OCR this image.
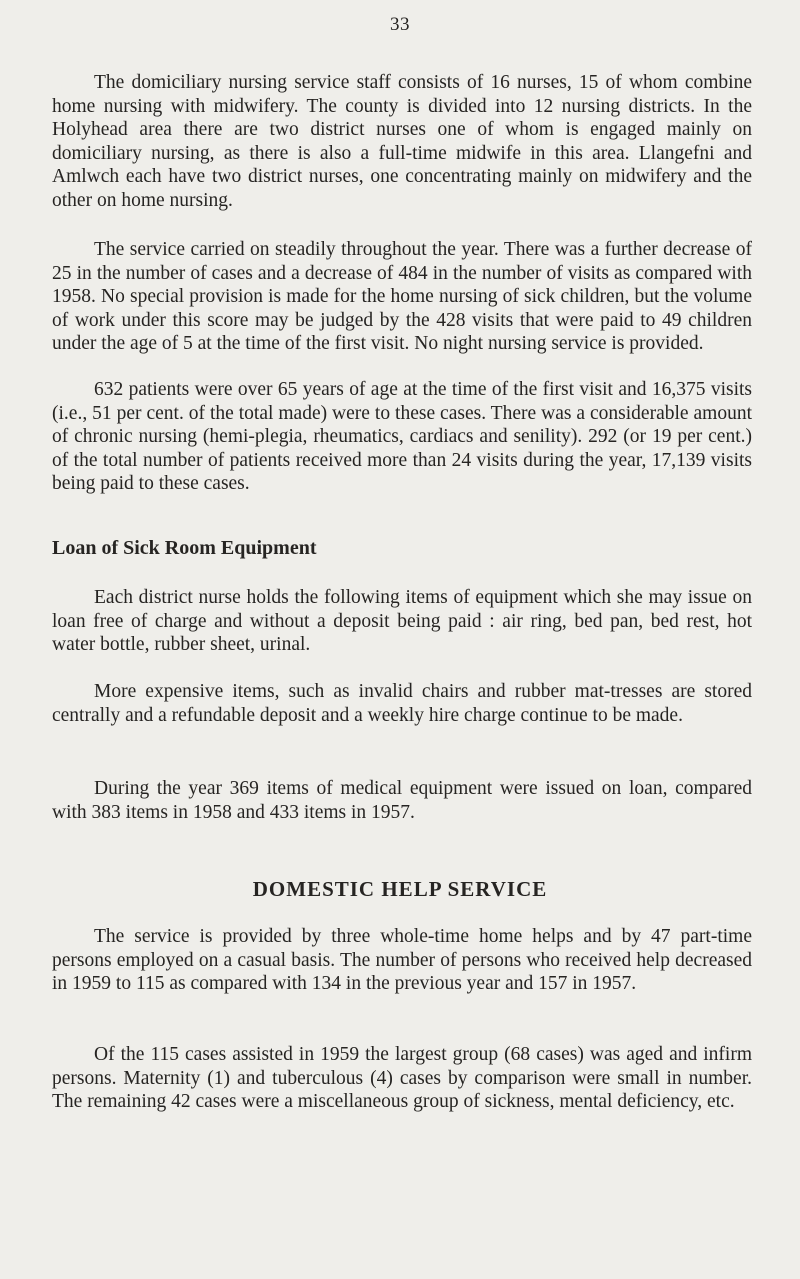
33

The domiciliary nursing service staff consists of 16 nurses, 15 of whom combine home nursing with midwifery. The county is divided into 12 nursing districts. In the Holyhead area there are two district nurses one of whom is engaged mainly on domiciliary nursing, as there is also a full-time midwife in this area. Llangefni and Amlwch each have two district nurses, one concentrating mainly on midwifery and the other on home nursing.

The service carried on steadily throughout the year. There was a further decrease of 25 in the number of cases and a decrease of 484 in the number of visits as compared with 1958. No special provision is made for the home nursing of sick children, but the volume of work under this score may be judged by the 428 visits that were paid to 49 children under the age of 5 at the time of the first visit. No night nursing service is provided.

632 patients were over 65 years of age at the time of the first visit and 16,375 visits (i.e., 51 per cent. of the total made) were to these cases. There was a considerable amount of chronic nursing (hemi-plegia, rheumatics, cardiacs and senility). 292 (or 19 per cent.) of the total number of patients received more than 24 visits during the year, 17,139 visits being paid to these cases.

Loan of Sick Room Equipment

Each district nurse holds the following items of equipment which she may issue on loan free of charge and without a deposit being paid : air ring, bed pan, bed rest, hot water bottle, rubber sheet, urinal.

More expensive items, such as invalid chairs and rubber mat-tresses are stored centrally and a refundable deposit and a weekly hire charge continue to be made.

During the year 369 items of medical equipment were issued on loan, compared with 383 items in 1958 and 433 items in 1957.

DOMESTIC HELP SERVICE

The service is provided by three whole-time home helps and by 47 part-time persons employed on a casual basis. The number of persons who received help decreased in 1959 to 115 as compared with 134 in the previous year and 157 in 1957.

Of the 115 cases assisted in 1959 the largest group (68 cases) was aged and infirm persons. Maternity (1) and tuberculous (4) cases by comparison were small in number. The remaining 42 cases were a miscellaneous group of sickness, mental deficiency, etc.
